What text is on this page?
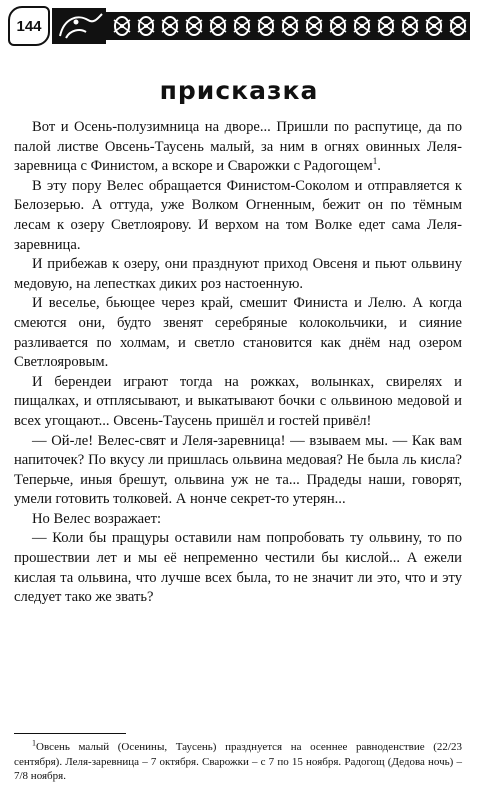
144
присказка

Вот и Осень-полузимница на дворе... Пришли по распутице, да по палой листве Овсень-Таусень малый, за ним в огнях овинных Леля-заревница с Финистом, а вскоре и Сварожки с Радогощем$^1$.

В эту пору Велес обращается Финистом-Соколом и отправляется к Белозерью. А оттуда, уже Волком Огненным, бежит он по тёмным лесам к озеру Светлоярову. И верхом на том Волке едет сама Леля-заревница.

И прибежав к озеру, они празднуют приход Овсеня и пьют ольвину медовую, на лепестках диких роз настоенную.

И веселье, бьющее через край, смешит Финиста и Лелю. А когда смеются они, будто звенят серебряные колокольчики, и сияние разливается по холмам, и светло становится как днём над озером Светлояровым.

И берендеи играют тогда на рожках, волынках, свирелях и пищалках, и отплясывают, и выкатывают бочки с ольвиною медовой и всех угощают... Овсень-Таусень пришёл и гостей привёл!

— Ой-ле! Велес-свят и Леля-заревница! — взываем мы. — Как вам напиточек? По вкусу ли пришлась ольвина медовая? Не была ль кисла? Теперьче, иныя брешут, ольвина уж не та... Прадеды наши, говорят, умели готовить толковей. А нонче секрет-то утерян...

Но Велес возражает:

— Коли бы пращуры оставили нам попробовать ту ольвину, то по прошествии лет и мы её непременно честили бы кислой... А ежели кислая та ольвина, что лучше всех была, то не значит ли это, что и эту следует тако же звать?

$^1$Овсень малый (Осенины, Таусень) празднуется на осеннее равноденствие (22/23 сентября). Леля-заревница – 7 октября. Сварожки – с 7 по 15 ноября. Радогощ (Дедова ночь) – 7/8 ноября.
